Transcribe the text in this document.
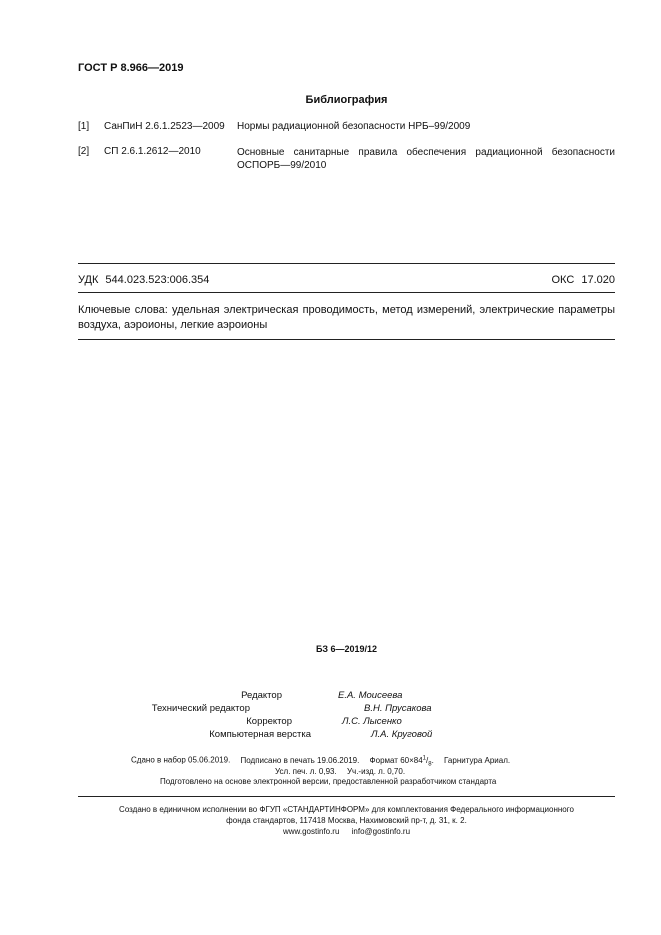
ГОСТ Р 8.966—2019
Библиография
[1] СанПиН 2.6.1.2523—2009 Нормы радиационной безопасности НРБ–99/2009
[2] СП 2.6.1.2612—2010	Основные санитарные правила обеспечения радиационной безопасности ОСПОРБ—99/2010
УДК 544.023.523:006.354	ОКС 17.020
Ключевые слова: удельная электрическая проводимость, метод измерений, электрические параметры воздуха, аэроионы, легкие аэроионы
БЗ 6—2019/12
Редактор	Е.А. Моисеева
Технический редактор	В.Н. Прусакова
Корректор	Л.С. Лысенко
Компьютерная верстка	Л.А. Круговой
Сдано в набор 05.06.2019. Подписано в печать 19.06.2019. Формат $60\times 84^1/_8$. Гарнитура Ариал.
Усл. печ. л. 0,93. Уч.-изд. л. 0,70.
Подготовлено на основе электронной версии, предоставленной разработчиком стандарта
Создано в единичном исполнении во ФГУП «СТАНДАРТИНФОРМ» для комплектования Федерального информационного
фонда стандартов, 117418 Москва, Нахимовский пр-т, д. 31, к. 2.
www.gostinfo.ru info@gostinfo.ru
